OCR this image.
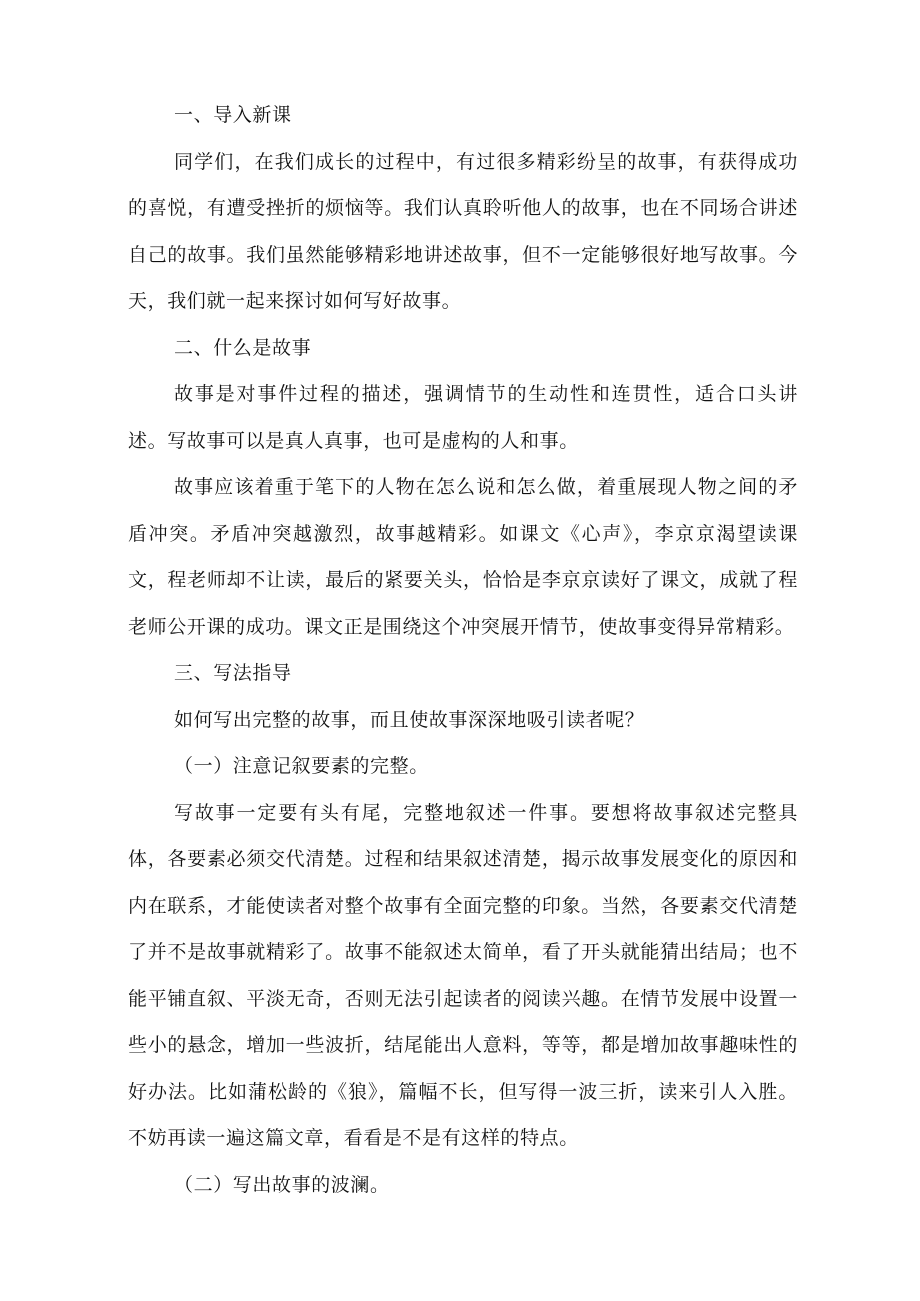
一、导入新课

同学们，在我们成长的过程中，有过很多精彩纷呈的故事，有获得成功的喜悦，有遭受挫折的烦恼等。我们认真聆听他人的故事，也在不同场合讲述自己的故事。我们虽然能够精彩地讲述故事，但不一定能够很好地写故事。今天，我们就一起来探讨如何写好故事。

二、什么是故事

故事是对事件过程的描述，强调情节的生动性和连贯性，适合口头讲述。写故事可以是真人真事，也可是虚构的人和事。

故事应该着重于笔下的人物在怎么说和怎么做，着重展现人物之间的矛盾冲突。矛盾冲突越激烈，故事越精彩。如课文《心声》，李京京渴望读课文，程老师却不让读，最后的紧要关头，恰恰是李京京读好了课文，成就了程老师公开课的成功。课文正是围绕这个冲突展开情节，使故事变得异常精彩。

三、写法指导

如何写出完整的故事，而且使故事深深地吸引读者呢？

（一）注意记叙要素的完整。

写故事一定要有头有尾，完整地叙述一件事。要想将故事叙述完整具体，各要素必须交代清楚。过程和结果叙述清楚，揭示故事发展变化的原因和内在联系，才能使读者对整个故事有全面完整的印象。当然，各要素交代清楚了并不是故事就精彩了。故事不能叙述太简单，看了开头就能猜出结局；也不能平铺直叙、平淡无奇，否则无法引起读者的阅读兴趣。在情节发展中设置一些小的悬念，增加一些波折，结尾能出人意料，等等，都是增加故事趣味性的好办法。比如蒲松龄的《狼》，篇幅不长，但写得一波三折，读来引人入胜。不妨再读一遍这篇文章，看看是不是有这样的特点。

（二）写出故事的波澜。
